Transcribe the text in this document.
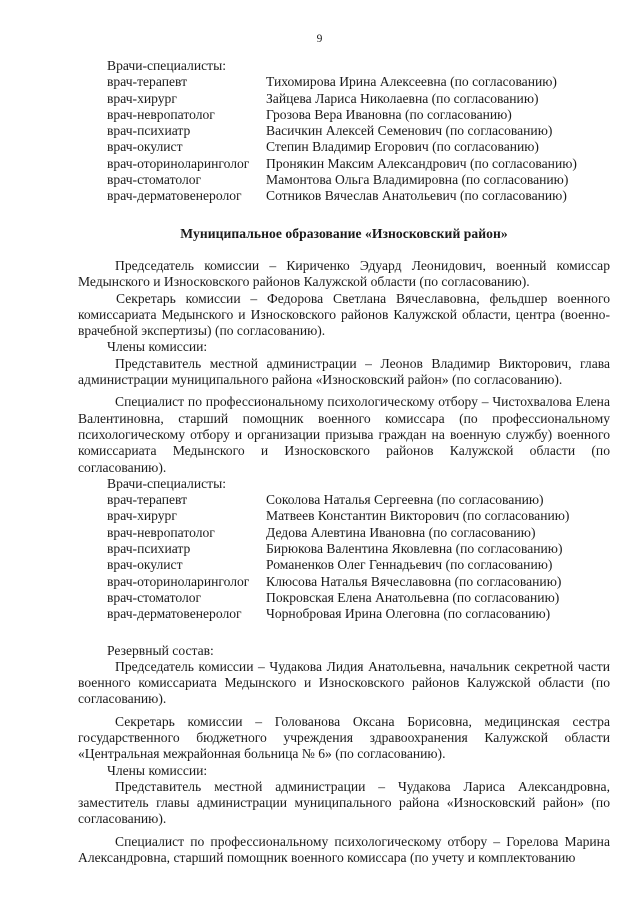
9
Врачи-специалисты:
врач-терапевт	Тихомирова Ирина Алексеевна (по согласованию)
врач-хирург	Зайцева Лариса Николаевна (по согласованию)
врач-невропатолог	Грозова Вера Ивановна (по согласованию)
врач-психиатр	Васичкин Алексей Семенович (по согласованию)
врач-окулист	Степин Владимир Егорович (по согласованию)
врач-оториноларинголог	Пронякин Максим Александрович (по согласованию)
врач-стоматолог	Мамонтова Ольга Владимировна (по согласованию)
врач-дерматовенеролог	Сотников Вячеслав Анатольевич (по согласованию)
Муниципальное образование «Износковский район»

Председатель комиссии – Кириченко Эдуард Леонидович, военный комиссар Медынского и Износковского районов Калужской области (по согласованию).

Секретарь комиссии – Федорова Светлана Вячеславовна, фельдшер военного комиссариата Медынского и Износковского районов Калужской области, центра (военно-врачебной экспертизы) (по согласованию).

Члены комиссии:

Представитель местной администрации – Леонов Владимир Викторович, глава администрации муниципального района «Износковский район» (по согласованию).

Специалист по профессиональному психологическому отбору – Чистохвалова Елена Валентиновна, старший помощник военного комиссара (по профессиональному психологическому отбору и организации призыва граждан на военную службу) военного комиссариата Медынского и Износковского районов Калужской области (по согласованию).

Врачи-специалисты:
врач-терапевт	Соколова Наталья Сергеевна (по согласованию)
врач-хирург	Матвеев Константин Викторович (по согласованию)
врач-невропатолог	Дедова Алевтина Ивановна (по согласованию)
врач-психиатр	Бирюкова Валентина Яковлевна (по согласованию)
врач-окулист	Романенков Олег Геннадьевич (по согласованию)
врач-оториноларинголог	Клюсова Наталья Вячеславовна (по согласованию)
врач-стоматолог	Покровская Елена Анатольевна (по согласованию)
врач-дерматовенеролог	Чорнобровая Ирина Олеговна (по согласованию)
Резервный состав:

Председатель комиссии – Чудакова Лидия Анатольевна, начальник секретной части военного комиссариата Медынского и Износковского районов Калужской области (по согласованию).

Секретарь комиссии – Голованова Оксана Борисовна, медицинская сестра государственного бюджетного учреждения здравоохранения Калужской области «Центральная межрайонная больница № 6» (по согласованию).

Члены комиссии:

Представитель местной администрации – Чудакова Лариса Александровна, заместитель главы администрации муниципального района «Износковский район» (по согласованию).

Специалист по профессиональному психологическому отбору – Горелова Марина Александровна, старший помощник военного комиссара (по учету и комплектованию
